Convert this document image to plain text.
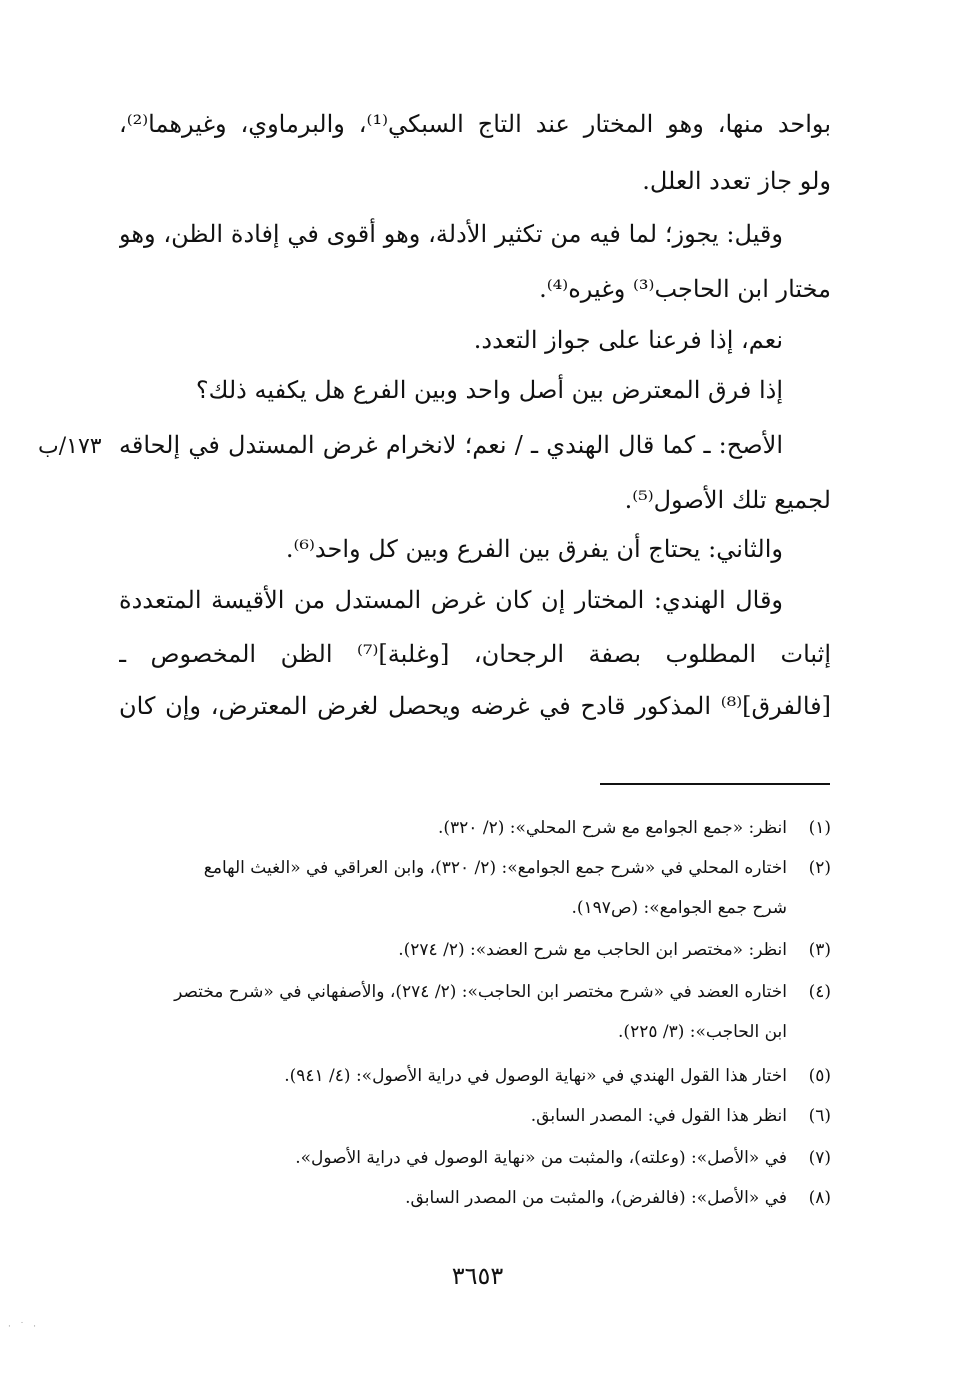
بواحد منها، وهو المختار عند التاج السبكي⁽¹⁾، والبرماوي، وغيرهما⁽²⁾،
ولو جاز تعدد العلل.
وقيل: يجوز؛ لما فيه من تكثير الأدلة، وهو أقوى في إفادة الظن، وهو
مختار ابن الحاجب⁽³⁾ وغيره⁽⁴⁾.
نعم، إذا فرعنا على جواز التعدد.
إذا فرق المعترض بين أصل واحد وبين الفرع هل يكفيه ذلك؟
الأصح: ـ كما قال الهندي ـ / نعم؛ لانخرام غرض المستدل في إلحاقه
١٧٣/ب
لجميع تلك الأصول⁽⁵⁾.
والثاني: يحتاج أن يفرق بين الفرع وبين كل واحد⁽⁶⁾.
وقال الهندي: المختار إن كان غرض المستدل من الأقيسة المتعددة
إثبات المطلوب بصفة الرجحان، [وغلبة]⁽⁷⁾ الظن المخصوص ـ
[فالفرق]⁽⁸⁾ المذكور قادح في غرضه ويحصل لغرض المعترض، وإن كان
(١)انظر: «جمع الجوامع مع شرح المحلي»: (٢/ ٣٢٠).
(٢)
اختاره المحلي في «شرح جمع الجوامع»: (٢/ ٣٢٠)، وابن العراقي في «الغيث الهامع
شرح جمع الجوامع»: (ص١٩٧).
(٣)انظر: «مختصر ابن الحاجب مع شرح العضد»: (٢/ ٢٧٤).
(٤)
اختاره العضد في «شرح مختصر ابن الحاجب»: (٢/ ٢٧٤)، والأصفهاني في «شرح مختصر
ابن الحاجب»: (٣/ ٢٢٥).
(٥)اختار هذا القول الهندي في «نهاية الوصول في دراية الأصول»: (٤/ ٩٤١).
(٦)انظر هذا القول في: المصدر السابق.
(٧)في «الأصل»: (وعلته)، والمثبت من «نهاية الوصول في دراية الأصول».
(٨)في «الأصل»: (فالفرض)، والمثبت من المصدر السابق.
٣٦٥٣
· ˙ ·
